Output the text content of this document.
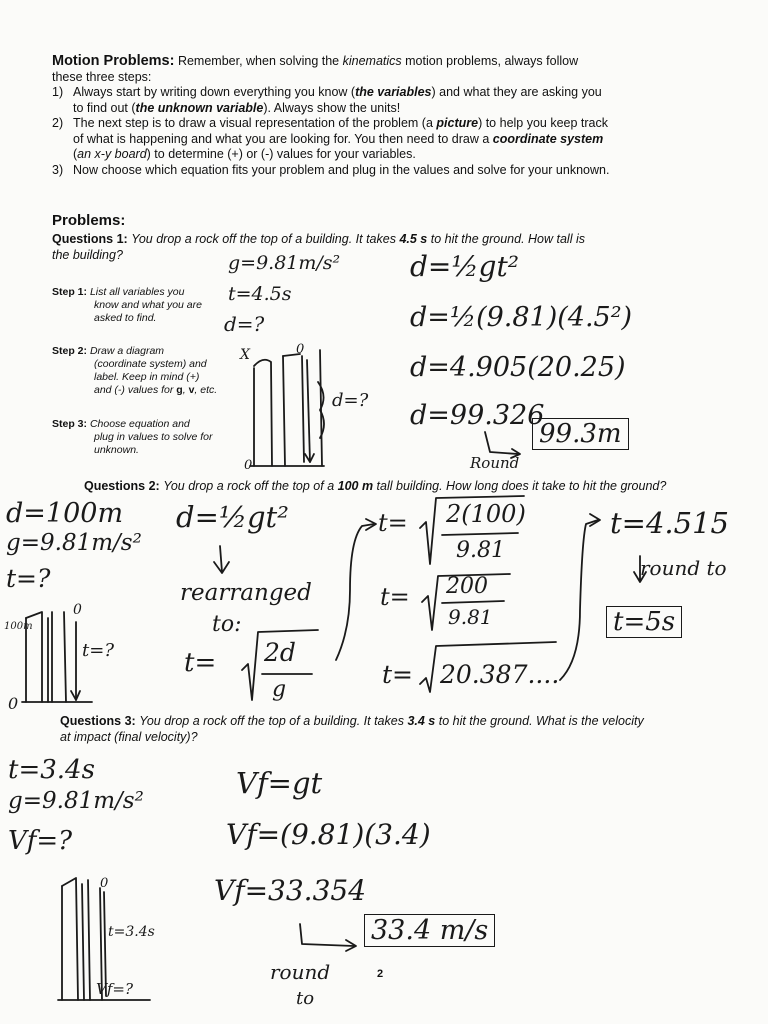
Motion Problems: Remember, when solving the kinematics motion problems, always follow
these three steps:
1) Always start by writing down everything you know (the variables) and what they are asking you
to find out (the unknown variable). Always show the units!
2) The next step is to draw a visual representation of the problem (a picture) to help you keep track
of what is happening and what you are looking for. You then need to draw a coordinate system
(an x-y board) to determine (+) or (-) values for your variables.
3) Now choose which equation fits your problem and plug in the values and solve for your unknown.
Problems:
Questions 1: You drop a rock off the top of a building. It takes 4.5 s to hit the ground. How tall is
the building?
Step 1: List all variables you
know and what you are
asked to find.
Step 2: Draw a diagram
(coordinate system) and
label. Keep in mind (+)
and (-) values for g, v, etc.
Step 3: Choose equation and
plug in values to solve for
unknown.
g=9.81m/s²
t=4.5s
d=?
d=½gt²
d=½(9.81)(4.5²)
d=4.905(20.25)
d=99.326
99.3m
Round
X	0
0
d=?
Questions 2: You drop a rock off the top of a 100 m tall building. How long does it take to hit the ground?
d=100m
g=9.81m/s²
t=?
100m
0
0
t=?
d=½gt²
rearranged
to:
t= 2d
g
t= 2(100)
9.81
t= 200
9.81
t= 20.387....
t=4.515
round to
t=5s
Questions 3: You drop a rock off the top of a building. It takes 3.4 s to hit the ground. What is the velocity
at impact (final velocity)?
t=3.4s
g=9.81m/s²
Vf=?
0
t=3.4s
Vf=?
Vf=gt
Vf=(9.81)(3.4)
Vf=33.354
33.4 m/s
round
to
2
